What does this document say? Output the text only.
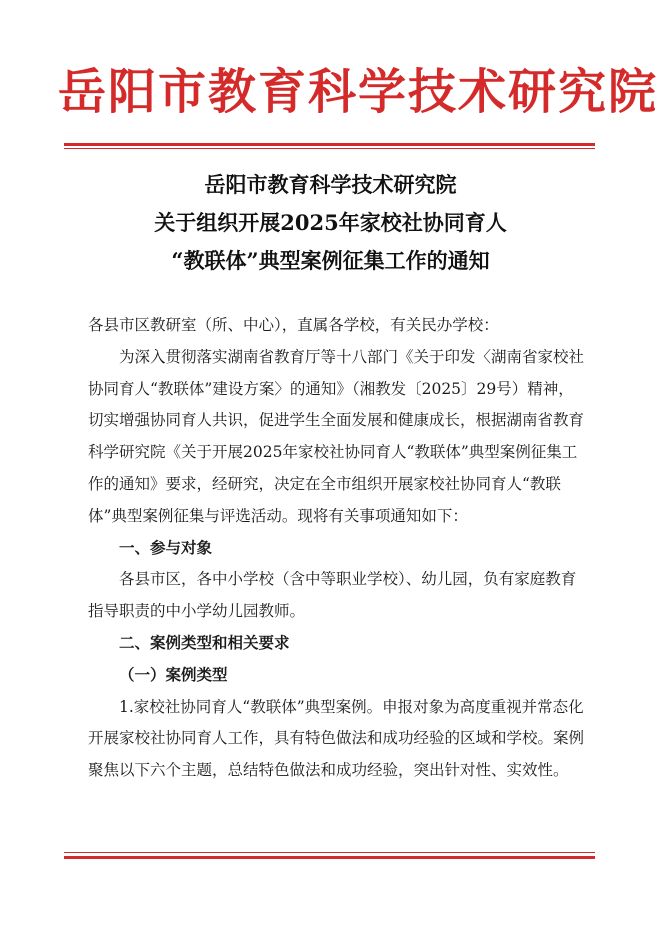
岳阳市教育科学技术研究院
岳阳市教育科学技术研究院
关于组织开展2025年家校社协同育人
“教联体”典型案例征集工作的通知

各县市区教研室（所、中心），直属各学校，有关民办学校：

为深入贯彻落实湖南省教育厅等十八部门《关于印发〈湖南省家校社协同育人“教联体”建设方案〉的通知》（湘教发〔2025〕29号）精神，切实增强协同育人共识，促进学生全面发展和健康成长，根据湖南省教育科学研究院《关于开展2025年家校社协同育人“教联体”典型案例征集工作的通知》要求，经研究，决定在全市组织开展家校社协同育人“教联体”典型案例征集与评选活动。现将有关事项通知如下：

一、参与对象

各县市区，各中小学校（含中等职业学校）、幼儿园，负有家庭教育指导职责的中小学幼儿园教师。

二、案例类型和相关要求

（一）案例类型

1.家校社协同育人“教联体”典型案例。申报对象为高度重视并常态化开展家校社协同育人工作，具有特色做法和成功经验的区域和学校。案例聚焦以下六个主题，总结特色做法和成功经验，突出针对性、实效性。
